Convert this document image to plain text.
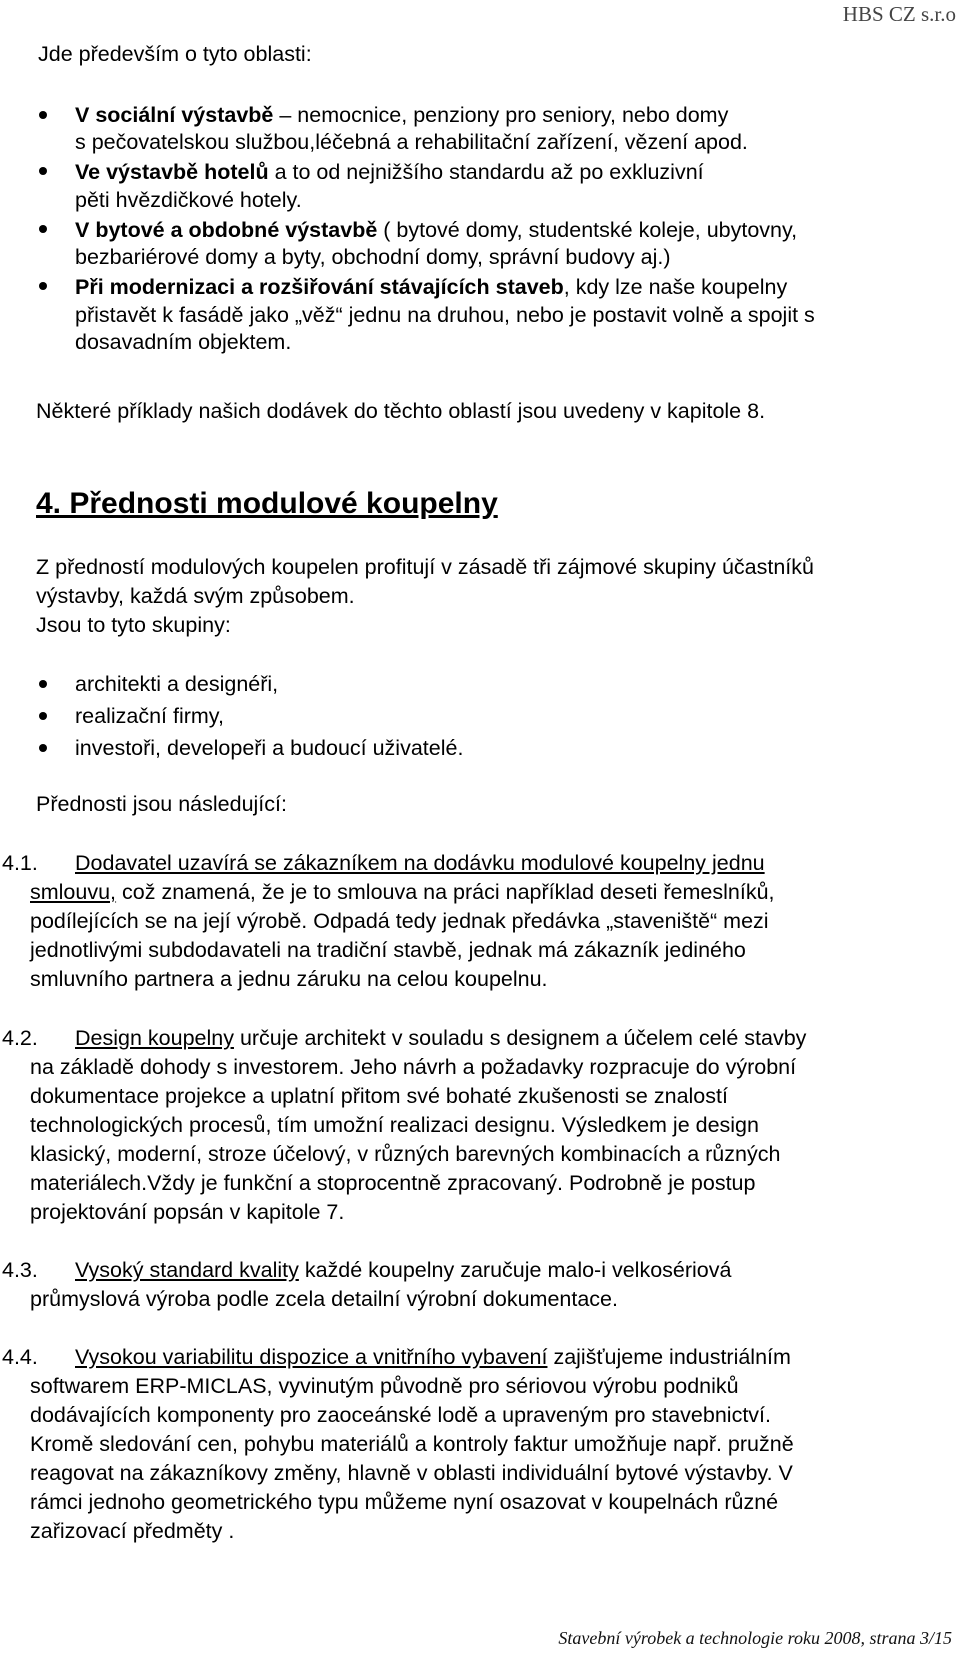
HBS CZ s.r.o
Jde především o tyto oblasti:
V sociální výstavbě – nemocnice, penziony pro seniory, nebo domy
s pečovatelskou službou,léčebná a rehabilitační zařízení, vězení apod.
Ve výstavbě hotelů a to od nejnižšího standardu až po exkluzivní
pěti hvězdičkové hotely.
V bytové a obdobné výstavbě ( bytové domy, studentské koleje, ubytovny,
bezbariérové domy a byty, obchodní domy, správní budovy aj.)
Při modernizaci a rozšiřování stávajících staveb, kdy lze naše koupelny
přistavět k fasádě jako „věž“ jednu na druhou, nebo je postavit volně a spojit s
dosavadním objektem.
Některé příklady našich dodávek do těchto oblastí jsou uvedeny v kapitole 8.
4. Přednosti modulové koupelny
Z předností modulových koupelen profitují v zásadě tři zájmové skupiny účastníků
výstavby, každá svým způsobem.
Jsou to tyto skupiny:
architekti a designéři,
realizační firmy,
investoři, developeři a budoucí uživatelé.
Přednosti jsou následující:
4.1. Dodavatel uzavírá se zákazníkem na dodávku modulové koupelny jednu
smlouvu, což znamená, že je to smlouva na práci například deseti řemeslníků,
podílejících se na její výrobě. Odpadá tedy jednak předávka „staveniště“ mezi
jednotlivými subdodavateli na tradiční stavbě, jednak má zákazník jediného
smluvního partnera a jednu záruku na celou koupelnu.
4.2. Design koupelny určuje architekt v souladu s designem a účelem celé stavby
na základě dohody s investorem. Jeho návrh a požadavky rozpracuje do výrobní
dokumentace projekce a uplatní přitom své bohaté zkušenosti se znalostí
technologických procesů, tím umožní realizaci designu. Výsledkem je design
klasický, moderní, stroze účelový, v různých barevných kombinacích a různých
materiálech.Vždy je funkční a stoprocentně zpracovaný. Podrobně je postup
projektování popsán v kapitole 7.
4.3. Vysoký standard kvality každé koupelny zaručuje malo-i velkosériová
průmyslová výroba podle zcela detailní výrobní dokumentace.
4.4. Vysokou variabilitu dispozice a vnitřního vybavení zajišťujeme industriálním
softwarem ERP-MICLAS, vyvinutým původně pro sériovou výrobu podniků
dodávajících komponenty pro zaoceánské lodě a upraveným pro stavebnictví.
Kromě sledování cen, pohybu materiálů a kontroly faktur umožňuje např. pružně
reagovat na zákazníkovy změny, hlavně v oblasti individuální bytové výstavby. V
rámci jednoho geometrického typu můžeme nyní osazovat v koupelnách různé
zařizovací předměty .
Stavební výrobek a technologie roku 2008, strana 3/15
